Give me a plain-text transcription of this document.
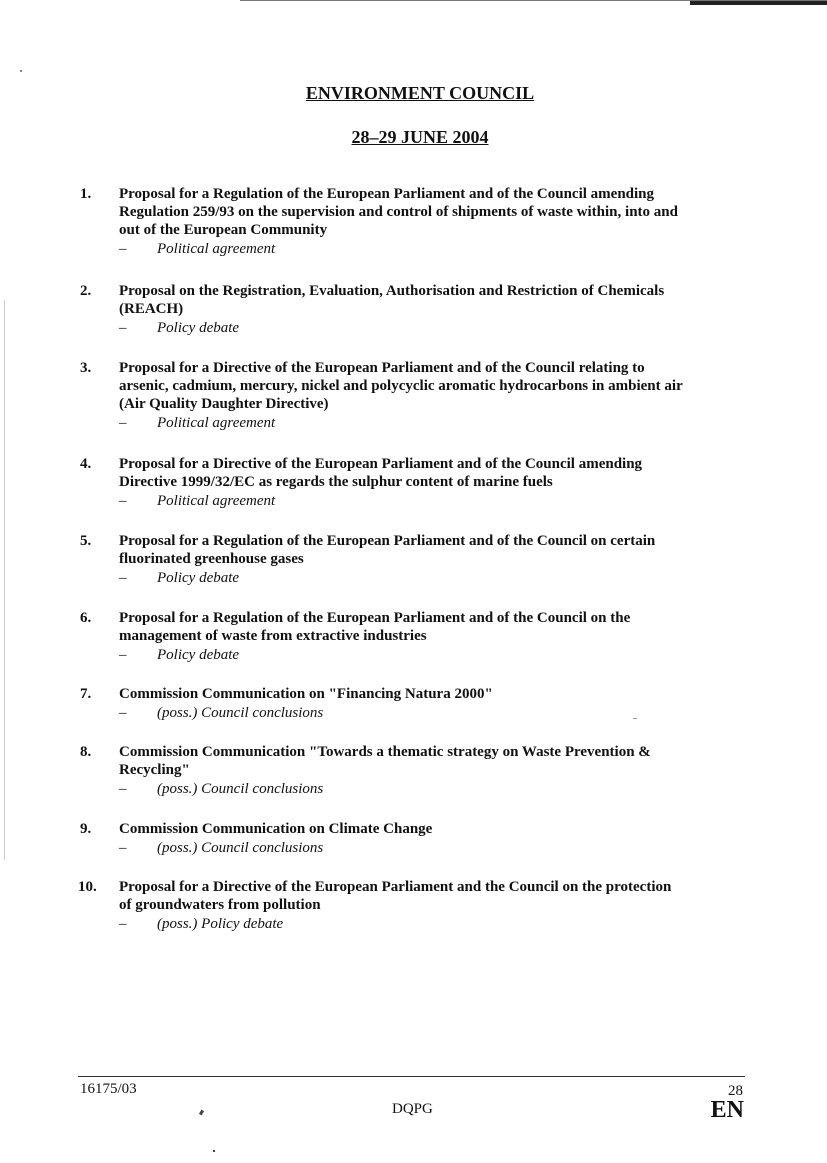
ENVIRONMENT COUNCIL
28–29 JUNE 2004
1. Proposal for a Regulation of the European Parliament and of the Council amending
Regulation 259/93 on the supervision and control of shipments of waste within, into and
out of the European Community
– Political agreement
2. Proposal on the Registration, Evaluation, Authorisation and Restriction of Chemicals
(REACH)
– Policy debate
3. Proposal for a Directive of the European Parliament and of the Council relating to
arsenic, cadmium, mercury, nickel and polycyclic aromatic hydrocarbons in ambient air
(Air Quality Daughter Directive)
– Political agreement
4. Proposal for a Directive of the European Parliament and of the Council amending
Directive 1999/32/EC as regards the sulphur content of marine fuels
– Political agreement
5. Proposal for a Regulation of the European Parliament and of the Council on certain
fluorinated greenhouse gases
– Policy debate
6. Proposal for a Regulation of the European Parliament and of the Council on the
management of waste from extractive industries
– Policy debate
7. Commission Communication on "Financing Natura 2000"
– (poss.) Council conclusions
8. Commission Communication "Towards a thematic strategy on Waste Prevention &
Recycling"
– (poss.) Council conclusions
9. Commission Communication on Climate Change
– (poss.) Council conclusions
10. Proposal for a Directive of the European Parliament and the Council on the protection
of groundwaters from pollution
– (poss.) Policy debate
16175/03	28
DQPG	EN
